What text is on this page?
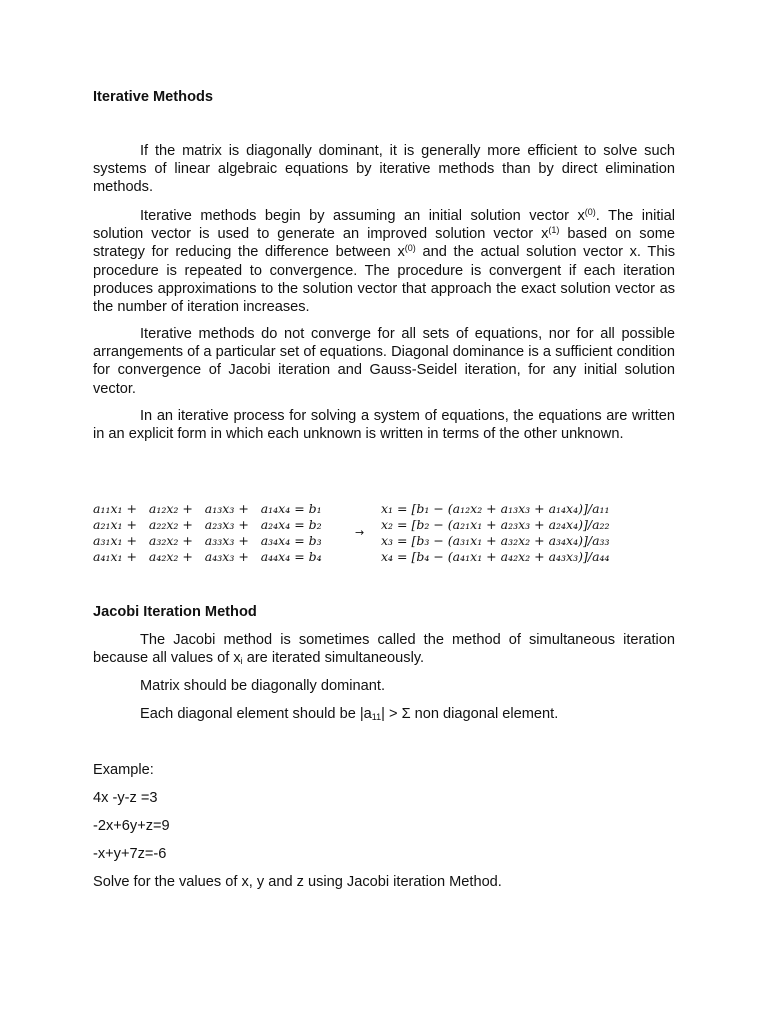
Iterative Methods

If the matrix is diagonally dominant, it is generally more efficient to solve such systems of linear algebraic equations by iterative methods than by direct elimination methods.

Iterative methods begin by assuming an initial solution vector $x^{(0)}$. The initial solution vector is used to generate an improved solution vector $x^{(1)}$ based on some strategy for reducing the difference between $x^{(0)}$ and the actual solution vector x. This procedure is repeated to convergence. The procedure is convergent if each iteration produces approximations to the solution vector that approach the exact solution vector as the number of iteration increases.

Iterative methods do not converge for all sets of equations, nor for all possible arrangements of a particular set of equations. Diagonal dominance is a sufficient condition for convergence of Jacobi iteration and Gauss-Seidel iteration, for any initial solution vector.

In an iterative process for solving a system of equations, the equations are written in an explicit form in which each unknown is written in terms of the other unknown.

a₁₁x₁ +   a₁₂x₂ +   a₁₃x₃ +   a₁₄x₄ = b₁
a₂₁x₁ +   a₂₂x₂ +   a₂₃x₃ +   a₂₄x₄ = b₂
a₃₁x₁ +   a₃₂x₂ +   a₃₃x₃ +   a₃₄x₄ = b₃
a₄₁x₁ +   a₄₂x₂ +   a₄₃x₃ +   a₄₄x₄ = b₄
→
x₁ = [b₁ − (a₁₂x₂ + a₁₃x₃ + a₁₄x₄)]/a₁₁
x₂ = [b₂ − (a₂₁x₁ + a₂₃x₃ + a₂₄x₄)]/a₂₂
x₃ = [b₃ − (a₃₁x₁ + a₃₂x₂ + a₃₄x₄)]/a₃₃
x₄ = [b₄ − (a₄₁x₁ + a₄₂x₂ + a₄₃x₃)]/a₄₄

Jacobi Iteration Method

The Jacobi method is sometimes called the method of simultaneous iteration because all values of $x_i$ are iterated simultaneously.

Matrix should be diagonally dominant.

Each diagonal element should be $|a_{11}| > \Sigma$ non diagonal element.

Example:

4x -y-z =3

-2x+6y+z=9

-x+y+7z=-6

Solve for the values of x, y and z using Jacobi iteration Method.
